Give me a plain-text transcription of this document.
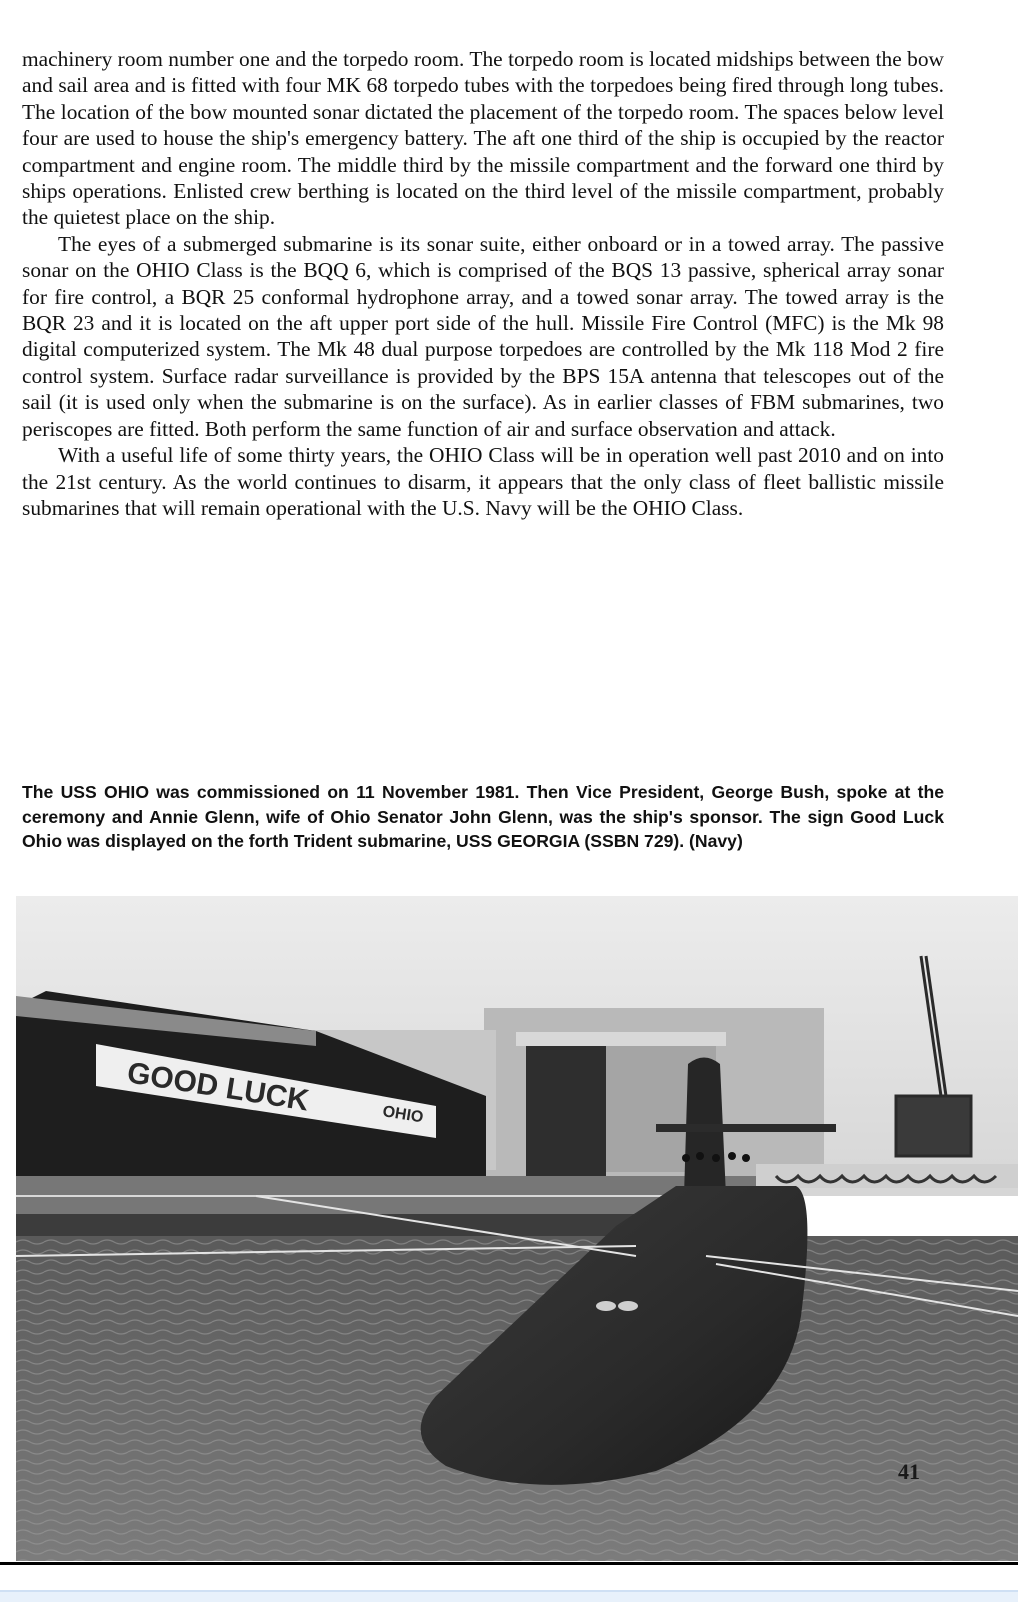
machinery room number one and the torpedo room. The torpedo room is located midships between the bow and sail area and is fitted with four MK 68 torpedo tubes with the torpedoes being fired through long tubes. The location of the bow mounted sonar dictated the placement of the torpedo room. The spaces below level four are used to house the ship's emergency battery. The aft one third of the ship is occupied by the reactor compartment and engine room. The middle third by the missile compartment and the forward one third by ships operations. Enlisted crew berthing is located on the third level of the missile compartment, probably the quietest place on the ship.

The eyes of a submerged submarine is its sonar suite, either onboard or in a towed array. The passive sonar on the OHIO Class is the BQQ 6, which is comprised of the BQS 13 passive, spherical array sonar for fire control, a BQR 25 conformal hydrophone array, and a towed sonar array. The towed array is the BQR 23 and it is located on the aft upper port side of the hull. Missile Fire Control (MFC) is the Mk 98 digital computerized system. The Mk 48 dual purpose torpedoes are controlled by the Mk 118 Mod 2 fire control system. Surface radar surveillance is provided by the BPS 15A antenna that telescopes out of the sail (it is used only when the submarine is on the surface). As in earlier classes of FBM submarines, two periscopes are fitted. Both perform the same function of air and surface observation and attack.

With a useful life of some thirty years, the OHIO Class will be in operation well past 2010 and on into the 21st century. As the world continues to disarm, it appears that the only class of fleet ballistic missile submarines that will remain operational with the U.S. Navy will be the OHIO Class.

The USS OHIO was commissioned on 11 November 1981. Then Vice President, George Bush, spoke at the ceremony and Annie Glenn, wife of Ohio Senator John Glenn, was the ship's sponsor. The sign Good Luck Ohio was displayed on the forth Trident submarine, USS GEORGIA (SSBN 729). (Navy)

GOOD LUCK	OHIO
41
